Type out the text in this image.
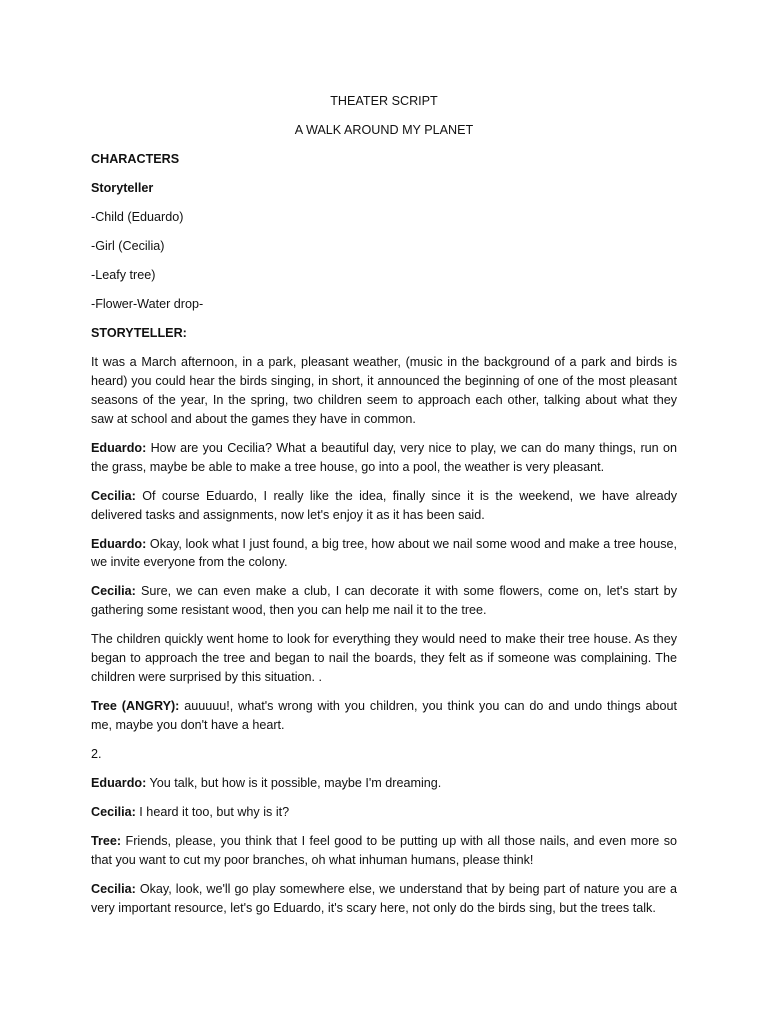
THEATER SCRIPT
A WALK AROUND MY PLANET
CHARACTERS
Storyteller
-Child (Eduardo)
-Girl (Cecilia)
-Leafy tree)
-Flower-Water drop-
STORYTELLER:
It was a March afternoon, in a park, pleasant weather, (music in the background of a park and birds is heard) you could hear the birds singing, in short, it announced the beginning of one of the most pleasant seasons of the year, In the spring, two children seem to approach each other, talking about what they saw at school and about the games they have in common.
Eduardo: How are you Cecilia? What a beautiful day, very nice to play, we can do many things, run on the grass, maybe be able to make a tree house, go into a pool, the weather is very pleasant.
Cecilia: Of course Eduardo, I really like the idea, finally since it is the weekend, we have already delivered tasks and assignments, now let's enjoy it as it has been said.
Eduardo: Okay, look what I just found, a big tree, how about we nail some wood and make a tree house, we invite everyone from the colony.
Cecilia: Sure, we can even make a club, I can decorate it with some flowers, come on, let's start by gathering some resistant wood, then you can help me nail it to the tree.
The children quickly went home to look for everything they would need to make their tree house. As they began to approach the tree and began to nail the boards, they felt as if someone was complaining. The children were surprised by this situation. .
Tree (ANGRY): auuuuu!, what's wrong with you children, you think you can do and undo things about me, maybe you don't have a heart.
2.
Eduardo: You talk, but how is it possible, maybe I'm dreaming.
Cecilia: I heard it too, but why is it?
Tree: Friends, please, you think that I feel good to be putting up with all those nails, and even more so that you want to cut my poor branches, oh what inhuman humans, please think!
Cecilia: Okay, look, we'll go play somewhere else, we understand that by being part of nature you are a very important resource, let's go Eduardo, it's scary here, not only do the birds sing, but the trees talk.
